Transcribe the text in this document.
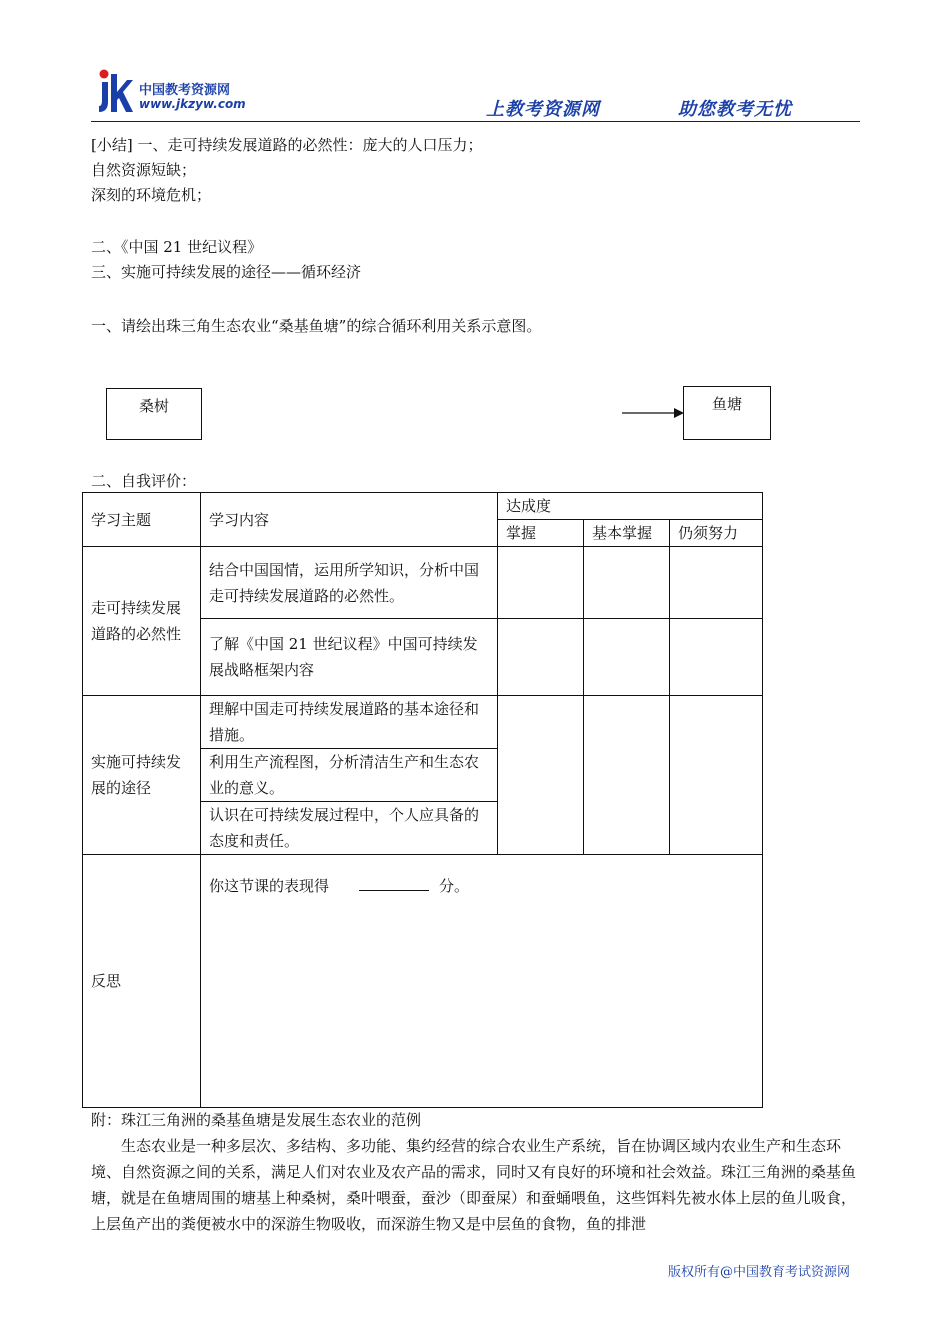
中国教考资源网
www.jkzyw.com	上教考资源网	助您教考无忧
[小结] 一、走可持续发展道路的必然性：庞大的人口压力；
自然资源短缺；
深刻的环境危机；
二、《中国 21 世纪议程》
三、实施可持续发展的途径——循环经济
一、请绘出珠三角生态农业“桑基鱼塘”的综合循环利用关系示意图。
桑树	鱼塘
二、自我评价：
学习主题	学习内容	达成度		
		掌握	基本掌握	仍须努力
走可持续发展道路的必然性	结合中国国情，运用所学知识，分析中国走可持续发展道路的必然性。			
	了解《中国 21 世纪议程》中国可持续发展战略框架内容			
实施可持续发展的途径	理解中国走可持续发展道路的基本途径和措施。			
	利用生产流程图，分析清洁生产和生态农业的意义。			
	认识在可持续发展过程中，个人应具备的态度和责任。			
反思	你这节课的表现得 分。			
附：珠江三角洲的桑基鱼塘是发展生态农业的范例
生态农业是一种多层次、多结构、多功能、集约经营的综合农业生产系统，旨在协调区域内农业生产和生态环境、自然资源之间的关系，满足人们对农业及农产品的需求，同时又有良好的环境和社会效益。珠江三角洲的桑基鱼塘，就是在鱼塘周围的塘基上种桑树，桑叶喂蚕，蚕沙（即蚕屎）和蚕蛹喂鱼，这些饵料先被水体上层的鱼儿吸食，上层鱼产出的粪便被水中的深游生物吸收，而深游生物又是中层鱼的食物，鱼的排泄
版权所有@中国教育考试资源网
